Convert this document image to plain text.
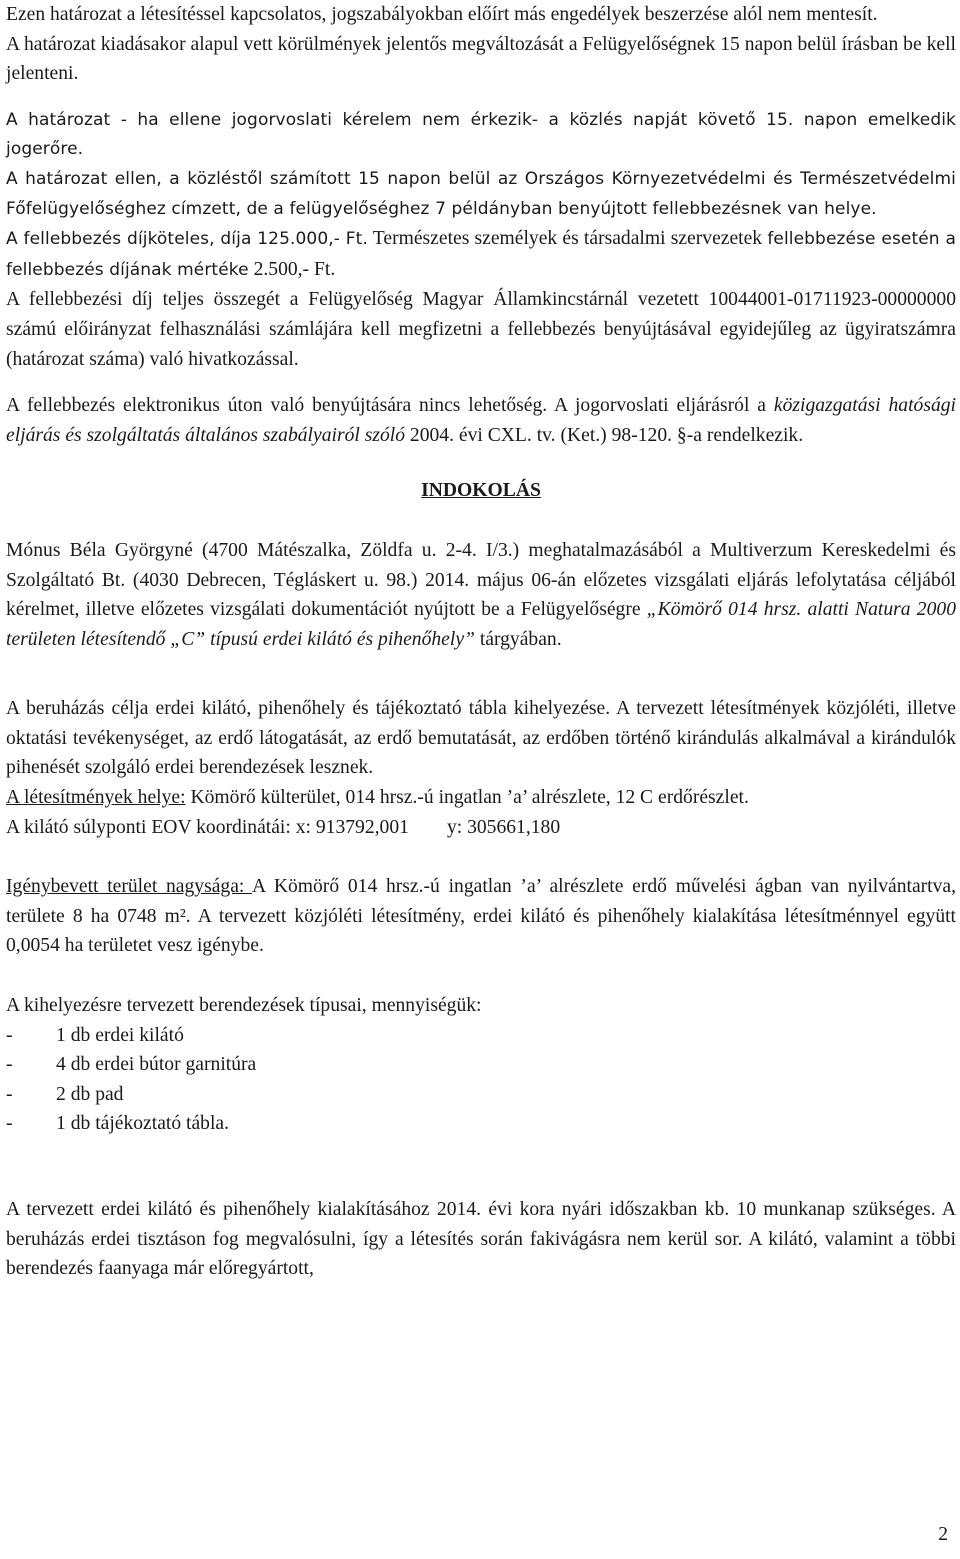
Ezen határozat a létesítéssel kapcsolatos, jogszabályokban előírt más engedélyek beszerzése alól nem mentesít.

A határozat kiadásakor alapul vett körülmények jelentős megváltozását a Felügyelőségnek 15 napon belül írásban be kell jelenteni.

A határozat - ha ellene jogorvoslati kérelem nem érkezik- a közlés napját követő 15. napon emelkedik jogerőre.

A határozat ellen, a közléstől számított 15 napon belül az Országos Környezetvédelmi és Természetvédelmi Főfelügyelőséghez címzett, de a felügyelőséghez 7 példányban benyújtott fellebbezésnek van helye.

A fellebbezés díjköteles, díja 125.000,- Ft. Természetes személyek és társadalmi szervezetek fellebbezése esetén a fellebbezés díjának mértéke 2.500,- Ft.

A fellebbezési díj teljes összegét a Felügyelőség Magyar Államkincstárnál vezetett 10044001-01711923-00000000 számú előirányzat felhasználási számlájára kell megfizetni a fellebbezés benyújtásával egyidejűleg az ügyiratszámra (határozat száma) való hivatkozással.

A fellebbezés elektronikus úton való benyújtására nincs lehetőség. A jogorvoslati eljárásról a közigazgatási hatósági eljárás és szolgáltatás általános szabályairól szóló 2004. évi CXL. tv. (Ket.) 98-120. §-a rendelkezik.

INDOKOLÁS

Mónus Béla Györgyné (4700 Mátészalka, Zöldfa u. 2-4. I/3.) meghatalmazásából a Multiverzum Kereskedelmi és Szolgáltató Bt. (4030 Debrecen, Tégláskert u. 98.) 2014. május 06-án előzetes vizsgálati eljárás lefolytatása céljából kérelmet, illetve előzetes vizsgálati dokumentációt nyújtott be a Felügyelőségre „Kömörő 014 hrsz. alatti Natura 2000 területen létesítendő „C” típusú erdei kilátó és pihenőhely” tárgyában.

A beruházás célja erdei kilátó, pihenőhely és tájékoztató tábla kihelyezése. A tervezett létesítmények közjóléti, illetve oktatási tevékenységet, az erdő látogatását, az erdő bemutatását, az erdőben történő kirándulás alkalmával a kirándulók pihenését szolgáló erdei berendezések lesznek.

A létesítmények helye: Kömörő külterület, 014 hrsz.-ú ingatlan ’a’ alrészlete, 12 C erdőrészlet.

A kilátó súlyponti EOV koordinátái: x: 913792,001 y: 305661,180

Igénybevett terület nagysága: A Kömörő 014 hrsz.-ú ingatlan ’a’ alrészlete erdő művelési ágban van nyilvántartva, területe 8 ha 0748 m². A tervezett közjóléti létesítmény, erdei kilátó és pihenőhely kialakítása létesítménnyel együtt 0,0054 ha területet vesz igénybe.

A kihelyezésre tervezett berendezések típusai, mennyiségük:

-	1 db erdei kilátó
-	4 db erdei bútor garnitúra
-	2 db pad
-	1 db tájékoztató tábla.

A tervezett erdei kilátó és pihenőhely kialakításához 2014. évi kora nyári időszakban kb. 10 munkanap szükséges. A beruházás erdei tisztáson fog megvalósulni, így a létesítés során fakivágásra nem kerül sor. A kilátó, valamint a többi berendezés faanyaga már előregyártott,

2
